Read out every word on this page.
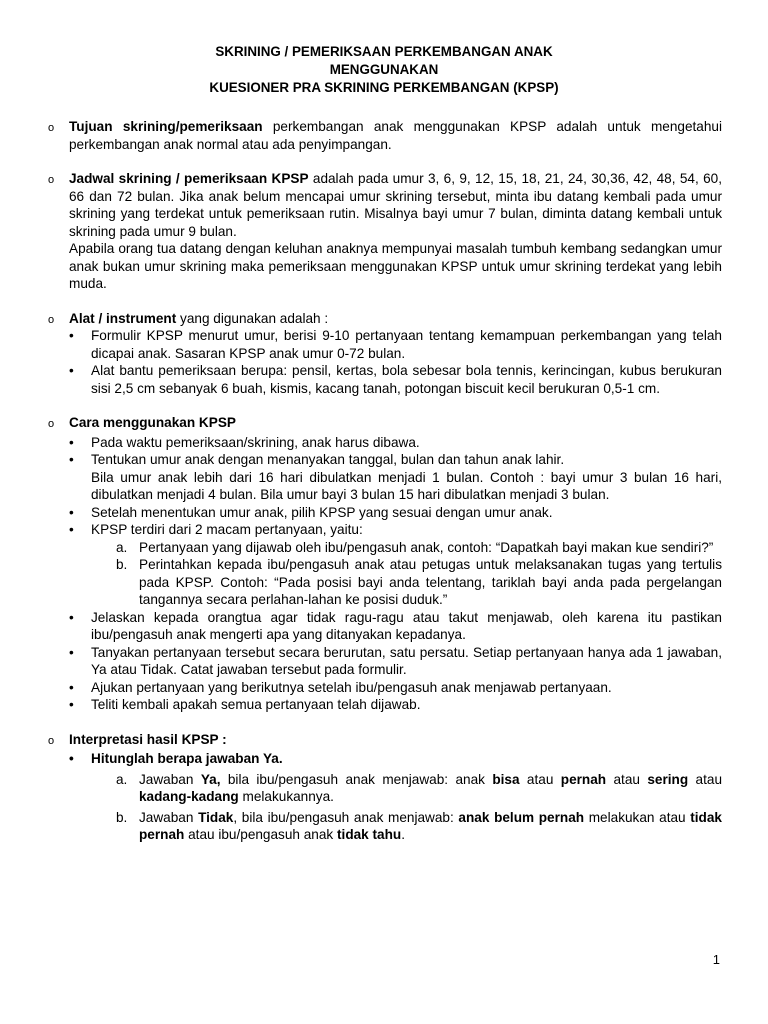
SKRINING / PEMERIKSAAN PERKEMBANGAN ANAK
MENGGUNAKAN
KUESIONER PRA SKRINING PERKEMBANGAN (KPSP)
o Tujuan skrining/pemeriksaan perkembangan anak menggunakan KPSP adalah untuk mengetahui perkembangan anak normal atau ada penyimpangan.

o Jadwal skrining / pemeriksaan KPSP adalah pada umur 3, 6, 9, 12, 15, 18, 21, 24, 30,36, 42, 48, 54, 60, 66 dan 72 bulan. Jika anak belum mencapai umur skrining tersebut, minta ibu datang kembali pada umur skrining yang terdekat untuk pemeriksaan rutin. Misalnya bayi umur 7 bulan, diminta datang kembali untuk skrining pada umur 9 bulan.

Apabila orang tua datang dengan keluhan anaknya mempunyai masalah tumbuh kembang sedangkan umur anak bukan umur skrining maka pemeriksaan menggunakan KPSP untuk umur skrining terdekat yang lebih muda.

o Alat / instrument yang digunakan adalah :

• Formulir KPSP menurut umur, berisi 9-10 pertanyaan tentang kemampuan perkembangan yang telah dicapai anak. Sasaran KPSP anak umur 0-72 bulan.
• Alat bantu pemeriksaan berupa: pensil, kertas, bola sebesar bola tennis, kerincingan, kubus berukuran sisi 2,5 cm sebanyak 6 buah, kismis, kacang tanah, potongan biscuit kecil berukuran 0,5-1 cm.
o Cara menggunakan KPSP

• Pada waktu pemeriksaan/skrining, anak harus dibawa.
• Tentukan umur anak dengan menanyakan tanggal, bulan dan tahun anak lahir.
Bila umur anak lebih dari 16 hari dibulatkan menjadi 1 bulan. Contoh : bayi umur 3 bulan 16 hari, dibulatkan menjadi 4 bulan. Bila umur bayi 3 bulan 15 hari dibulatkan menjadi 3 bulan.
• Setelah menentukan umur anak, pilih KPSP yang sesuai dengan umur anak.
• KPSP terdiri dari 2 macam pertanyaan, yaitu:
a. Pertanyaan yang dijawab oleh ibu/pengasuh anak, contoh: “Dapatkah bayi makan kue sendiri?”
b. Perintahkan kepada ibu/pengasuh anak atau petugas untuk melaksanakan tugas yang tertulis pada KPSP. Contoh: “Pada posisi bayi anda telentang, tariklah bayi anda pada pergelangan tangannya secara perlahan-lahan ke posisi duduk.”
• Jelaskan kepada orangtua agar tidak ragu-ragu atau takut menjawab, oleh karena itu pastikan ibu/pengasuh anak mengerti apa yang ditanyakan kepadanya.
• Tanyakan pertanyaan tersebut secara berurutan, satu persatu. Setiap pertanyaan hanya ada 1 jawaban, Ya atau Tidak. Catat jawaban tersebut pada formulir.
• Ajukan pertanyaan yang berikutnya setelah ibu/pengasuh anak menjawab pertanyaan.
• Teliti kembali apakah semua pertanyaan telah dijawab.
o Interpretasi hasil KPSP :

• Hitunglah berapa jawaban Ya.
a. Jawaban Ya, bila ibu/pengasuh anak menjawab: anak bisa atau pernah atau sering atau kadang-kadang melakukannya.
b. Jawaban Tidak, bila ibu/pengasuh anak menjawab: anak belum pernah melakukan atau tidak pernah atau ibu/pengasuh anak tidak tahu.
1
